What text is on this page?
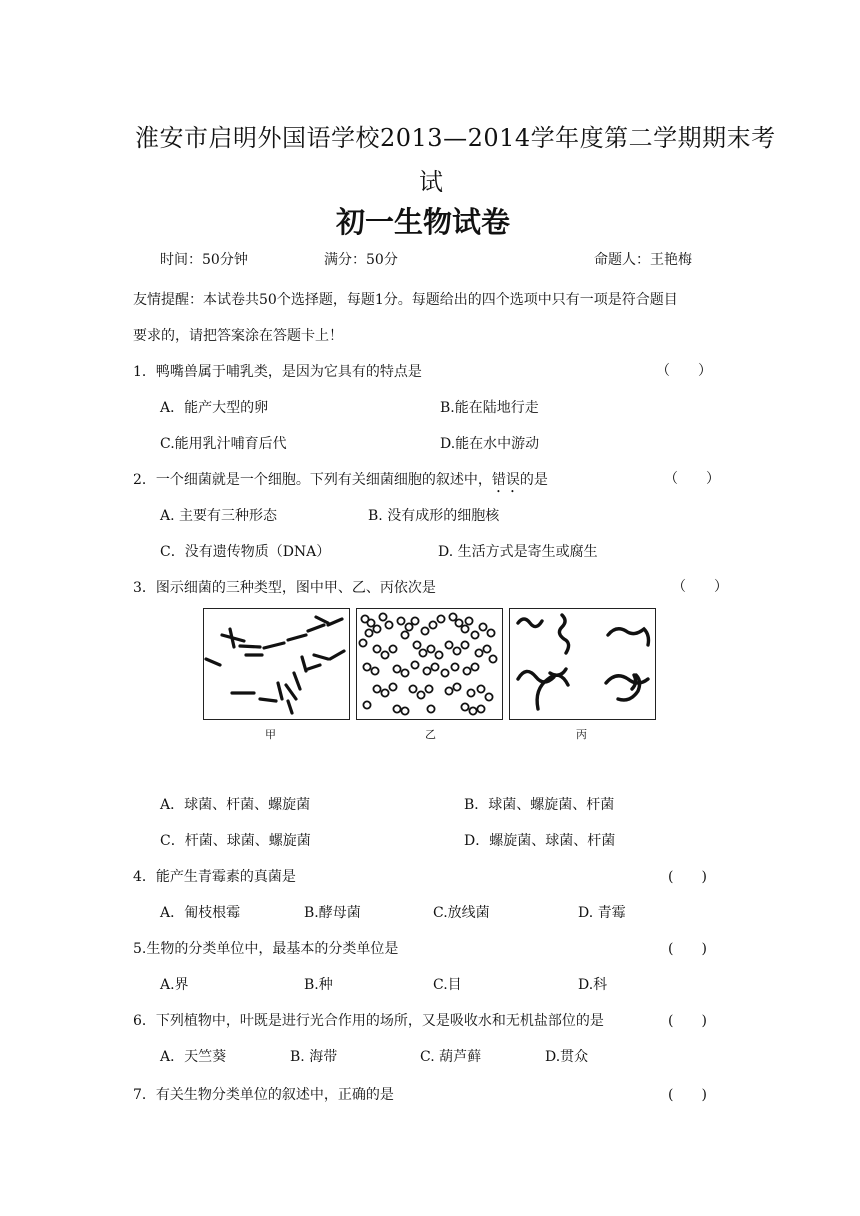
淮安市启明外国语学校2013—2014学年度第二学期期末考
试
初一生物试卷
时间：50分钟	满分：50分	命题人：王艳梅
友情提醒：本试卷共50个选择题，每题1分。每题给出的四个选项中只有一项是符合题目
要求的，请把答案涂在答题卡上！
1．鸭嘴兽属于哺乳类，是因为它具有的特点是	（　　）
A．能产大型的卵	B.能在陆地行走
C.能用乳汁哺育后代	D.能在水中游动
2．一个细菌就是一个细胞。下列有关细菌细胞的叙述中，错误的是	（　　）
A. 主要有三种形态	B. 没有成形的细胞核
C．没有遗传物质（DNA）	D. 生活方式是寄生或腐生
3．图示细菌的三种类型，图中甲、乙、丙依次是	（　　）
甲	乙	丙
A．球菌、杆菌、螺旋菌	B．球菌、螺旋菌、杆菌
C．杆菌、球菌、螺旋菌	D．螺旋菌、球菌、杆菌
4．能产生青霉素的真菌是	(　　)
A．匍枝根霉	B.酵母菌	C.放线菌	D. 青霉
5.生物的分类单位中，最基本的分类单位是	(　　)
A.界	B.种	C.目	D.科
6．下列植物中，叶既是进行光合作用的场所，又是吸收水和无机盐部位的是	(　　)
A．天竺葵	B. 海带	C. 葫芦藓	D.贯众
7．有关生物分类单位的叙述中，正确的是	(　　)
